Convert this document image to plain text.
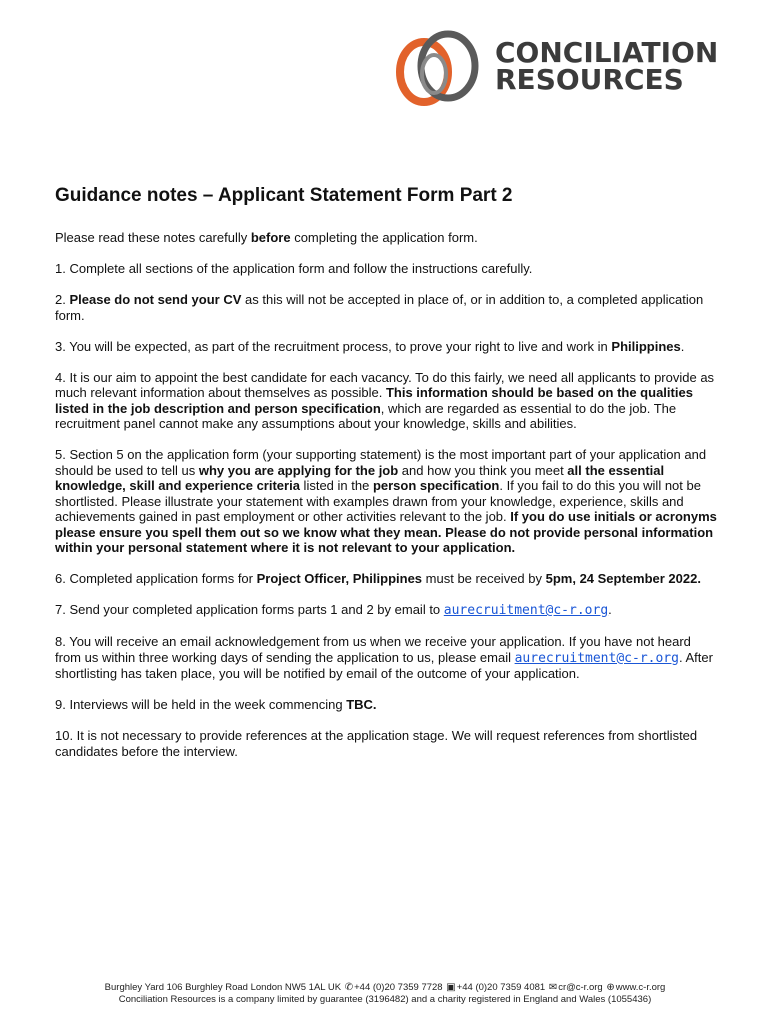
CONCILIATION
RESOURCES
Guidance notes – Applicant Statement Form Part 2

Please read these notes carefully before completing the application form.

1. Complete all sections of the application form and follow the instructions carefully.

2. Please do not send your CV as this will not be accepted in place of, or in addition to, a completed application form.

3. You will be expected, as part of the recruitment process, to prove your right to live and work in Philippines.

4. It is our aim to appoint the best candidate for each vacancy. To do this fairly, we need all applicants to provide as much relevant information about themselves as possible. This information should be based on the qualities listed in the job description and person specification, which are regarded as essential to do the job. The recruitment panel cannot make any assumptions about your knowledge, skills and abilities.

5. Section 5 on the application form (your supporting statement) is the most important part of your application and should be used to tell us why you are applying for the job and how you think you meet all the essential knowledge, skill and experience criteria listed in the person specification. If you fail to do this you will not be shortlisted. Please illustrate your statement with examples drawn from your knowledge, experience, skills and achievements gained in past employment or other activities relevant to the job. If you do use initials or acronyms please ensure you spell them out so we know what they mean. Please do not provide personal information within your personal statement where it is not relevant to your application.

6. Completed application forms for Project Officer, Philippines must be received by 5pm, 24 September 2022.

7. Send your completed application forms parts 1 and 2 by email to aurecruitment@c-r.org.

8. You will receive an email acknowledgement from us when we receive your application. If you have not heard from us within three working days of sending the application to us, please email aurecruitment@c-r.org. After shortlisting has taken place, you will be notified by email of the outcome of your application.

9. Interviews will be held in the week commencing TBC.

10. It is not necessary to provide references at the application stage. We will request references from shortlisted candidates before the interview.

Burghley Yard 106 Burghley Road London NW5 1AL UK ✆+44 (0)20 7359 7728 ▣+44 (0)20 7359 4081 ✉cr@c-r.org ⊕www.c-r.org
Conciliation Resources is a company limited by guarantee (3196482) and a charity registered in England and Wales (1055436)
